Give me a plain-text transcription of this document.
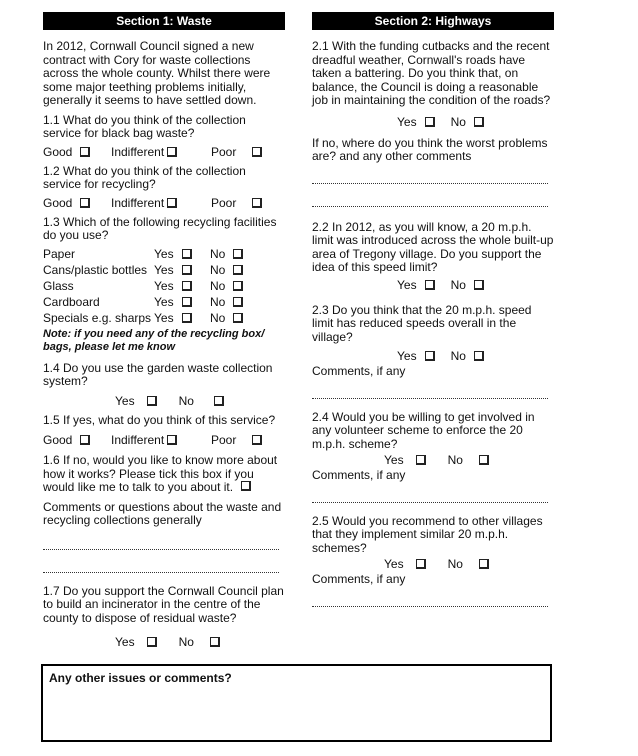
Section 1: Waste

In 2012, Cornwall Council signed a new contract with Cory for waste collections across the whole county. Whilst there were some major teething problems initially, generally it seems to have settled down.

1.1 What do you think of the collection service for black bag waste?

Good	Indifferent	Poor

1.2 What do you think of the collection service for recycling?

Good	Indifferent	Poor

1.3 Which of the following recycling facilities do you use?

Paper	Yes	No
Cans/plastic bottles Yes	No
Glass	Yes	No
Cardboard	Yes	No
Specials e.g. sharps Yes	No

Note: if you need any of the recycling box/ bags, please let me know

1.4 Do you use the garden waste collection system?

Yes	No

1.5 If yes, what do you think of this service?

Good	Indifferent	Poor

1.6 If no, would you like to know more about how it works? Please tick this box if you would like me to talk to you about it.

Comments or questions about the waste and recycling collections generally

1.7 Do you support the Cornwall Council plan to build an incinerator in the centre of the county to dispose of residual waste?

Yes	No
Section 2: Highways

2.1 With the funding cutbacks and the recent dreadful weather, Cornwall's roads have taken a battering. Do you think that, on balance, the Council is doing a reasonable job in maintaining the condition of the roads?

Yes	No

If no, where do you think the worst problems are? and any other comments

2.2 In 2012, as you will know, a 20 m.p.h. limit was introduced across the whole built-up area of Tregony village. Do you support the idea of this speed limit?

Yes	No

2.3 Do you think that the 20 m.p.h. speed limit has reduced speeds overall in the village?

Yes	No

Comments, if any

2.4 Would you be willing to get involved in any volunteer scheme to enforce the 20 m.p.h. scheme?

Yes	No

Comments, if any

2.5 Would you recommend to other villages that they implement similar 20 m.p.h. schemes?

Yes	No

Comments, if any

Any other issues or comments?
